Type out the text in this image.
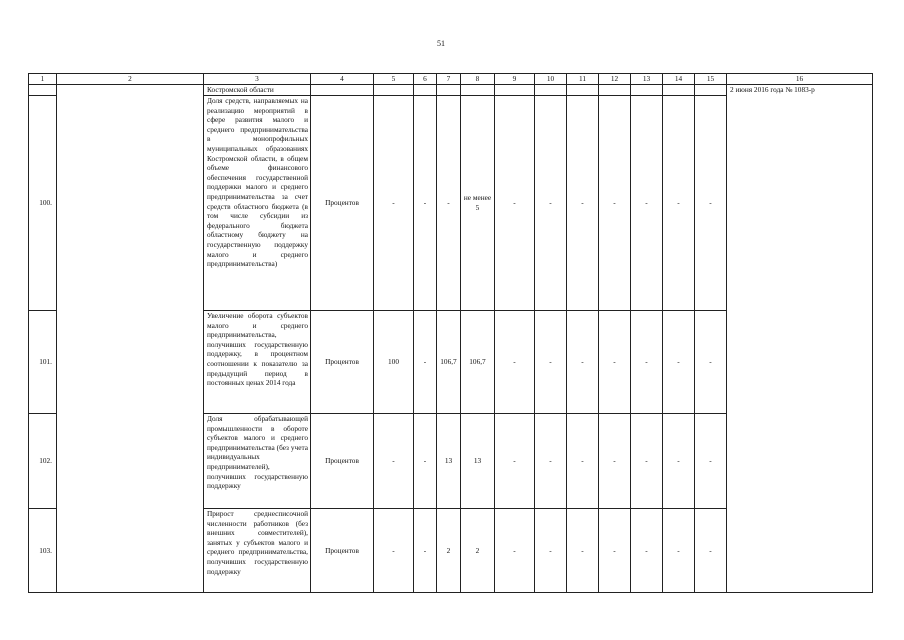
51
1	2	3	4	5	6	7	8	9	10	11	12	13	14	15	16
		Костромской области													2 июня 2016 года № 1083-р
100.		Доля средств, направляемых на реализацию мероприятий в сфере развития малого и среднего предпринимательства в монопрофильных муниципальных образованиях Костромской области, в общем объеме финансового обеспечения государственной поддержки малого и среднего предпринимательства за счет средств областного бюджета (в том числе субсидии из федерального бюджета областному бюджету на государственную поддержку малого и среднего предпринимательства)	Процентов	-	-	-	не менее 5	-	-	-	-	-	-	-	
101.		Увеличение оборота субъектов малого и среднего предпринимательства, получивших государственную поддержку, в процентном соотношении к показателю за предыдущий период в постоянных ценах 2014 года	Процентов	100	-	106,7	106,7	-	-	-	-	-	-	-	
102.		Доля обрабатывающей промышленности в обороте субъектов малого и среднего предпринимательства (без учета индивидуальных предпринимателей), получивших государственную поддержку	Процентов	-	-	13	13	-	-	-	-	-	-	-	
103.		Прирост среднесписочной численности работников (без внешних совместителей), занятых у субъектов малого и среднего предпринимательства, получивших государственную поддержку	Процентов	-	-	2	2	-	-	-	-	-	-	-	
